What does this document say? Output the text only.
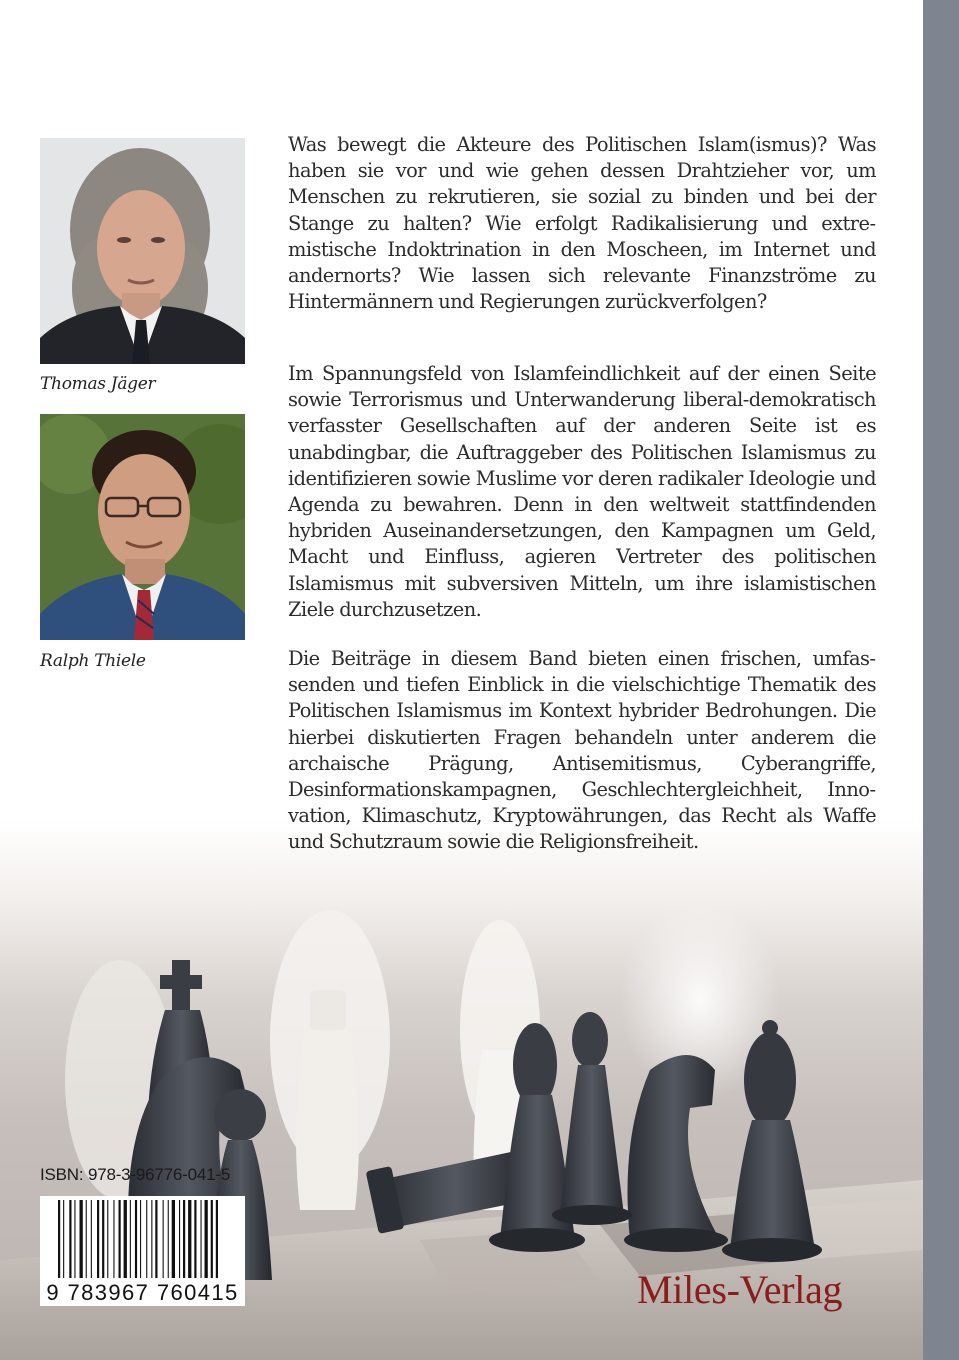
Thomas Jäger
Ralph Thiele

Was bewegt die Akteure des Politischen Islam(ismus)? Was haben sie vor und wie gehen dessen Drahtzieher vor, um Menschen zu rekrutieren, sie sozial zu binden und bei der Stange zu halten? Wie erfolgt Radikalisierung und extremistische Indoktrination in den Moscheen, im Internet und andernorts? Wie lassen sich relevante Finanzströme zu Hintermännern und Regierungen zurückverfolgen?

Im Spannungsfeld von Islamfeindlichkeit auf der einen Seite sowie Terrorismus und Unterwanderung liberal-demokratisch verfasster Gesellschaften auf der anderen Seite ist es unabdingbar, die Auftraggeber des Politischen Islamismus zu identifizieren sowie Muslime vor deren radikaler Ideologie und Agenda zu bewahren. Denn in den weltweit stattfindenden hybriden Auseinandersetzungen, den Kampagnen um Geld, Macht und Einfluss, agieren Vertreter des politischen Islamismus mit subversiven Mitteln, um ihre islamistischen Ziele durchzusetzen.

Die Beiträge in diesem Band bieten einen frischen, umfassenden und tiefen Einblick in die vielschichtige Thematik des Politischen Islamismus im Kontext hybrider Bedrohungen. Die hierbei diskutierten Fragen behandeln unter anderem die archaische Prägung, Antisemitismus, Cyberangriffe, Desinformationskampagnen, Geschlechtergleichheit, Innovation, Klimaschutz, Kryptowährungen, das Recht als Waffe und Schutzraum sowie die Religionsfreiheit.

ISBN: 978-3-96776-041-5
9 783967 760415	Miles-Verlag
